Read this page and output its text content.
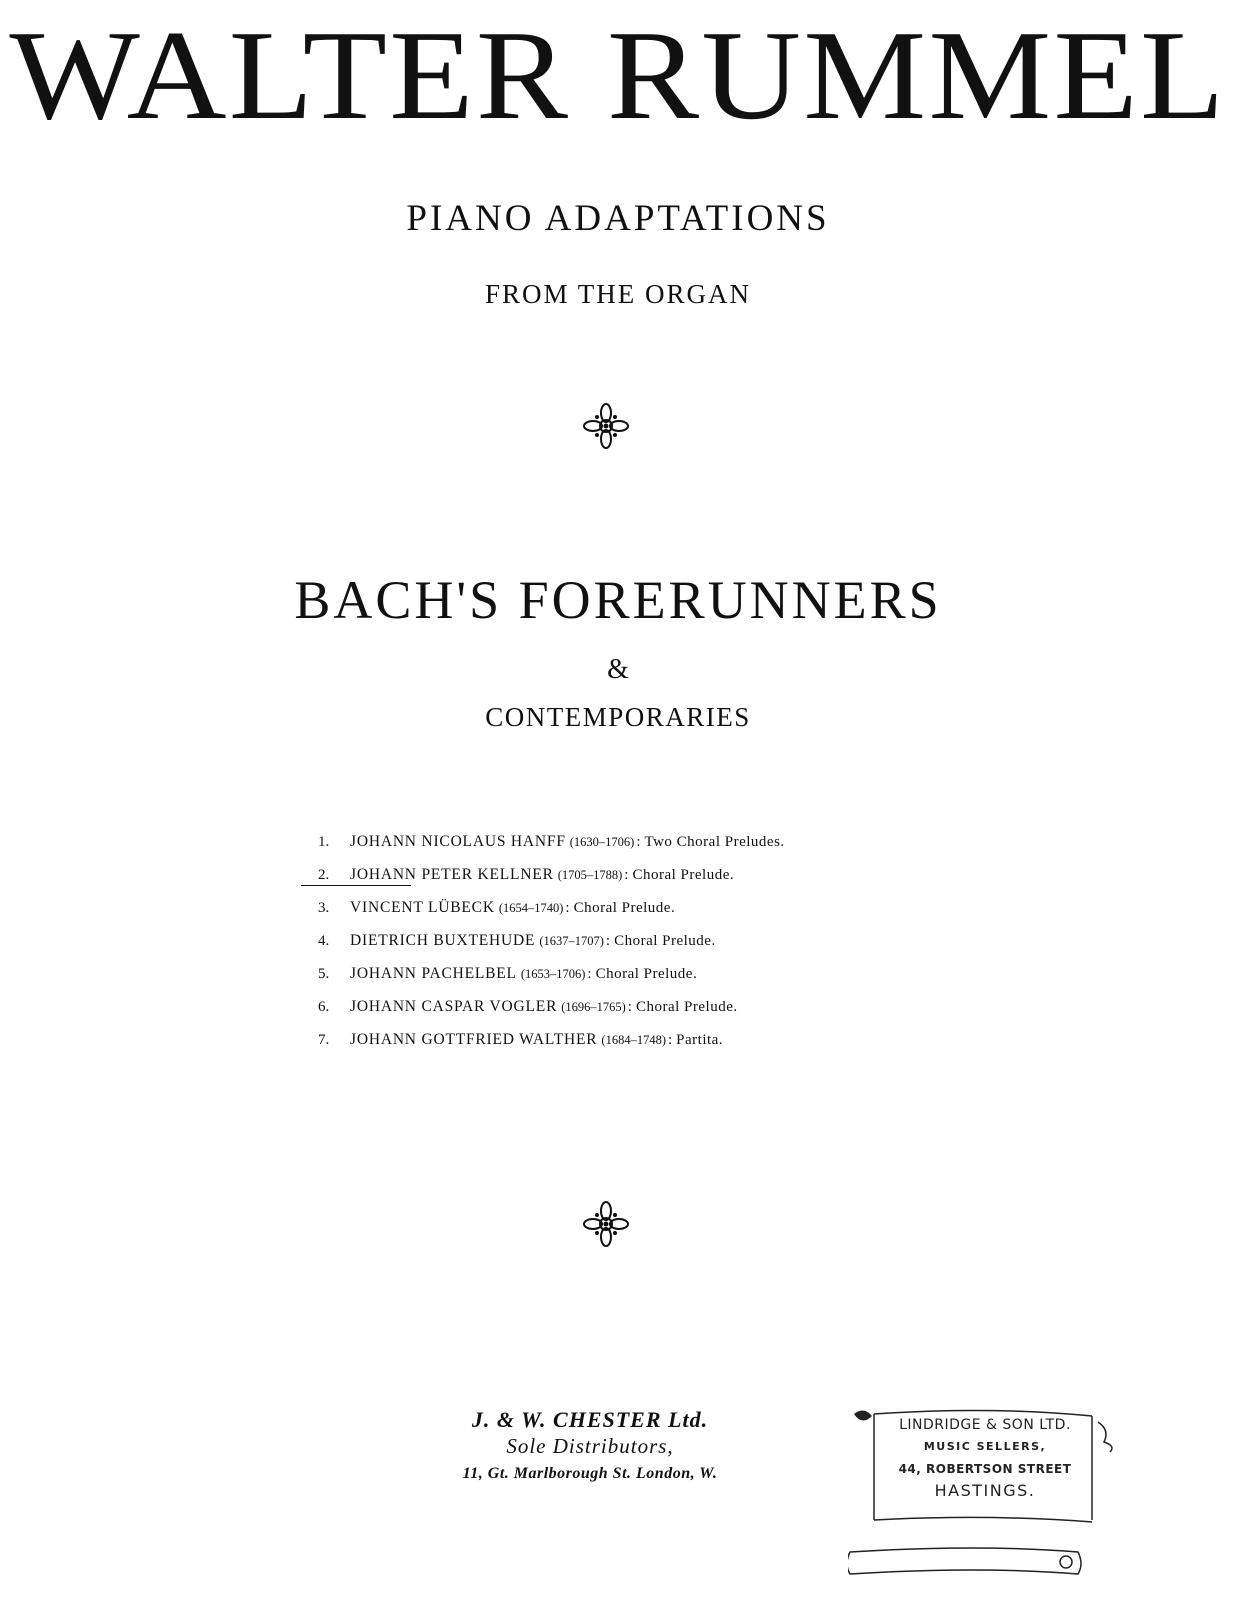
WALTER RUMMEL
PIANO ADAPTATIONS
FROM THE ORGAN
BACH'S FORERUNNERS
&
CONTEMPORARIES
1. JOHANN NICOLAUS HANFF (1630–1706) : Two Choral Preludes.
2. JOHANN PETER KELLNER (1705–1788) : Choral Prelude.
3. VINCENT LÜBECK (1654–1740) : Choral Prelude.
4. DIETRICH BUXTEHUDE (1637–1707) : Choral Prelude.
5. JOHANN PACHELBEL (1653–1706) : Choral Prelude.
6. JOHANN CASPAR VOGLER (1696–1765) : Choral Prelude.
7. JOHANN GOTTFRIED WALTHER (1684–1748) : Partita.
J. & W. CHESTER Ltd.
Sole Distributors,
11, Gt. Marlborough St. London, W.
LINDRIDGE & SON LTD.
MUSIC SELLERS,
44, ROBERTSON STREET
HASTINGS.
